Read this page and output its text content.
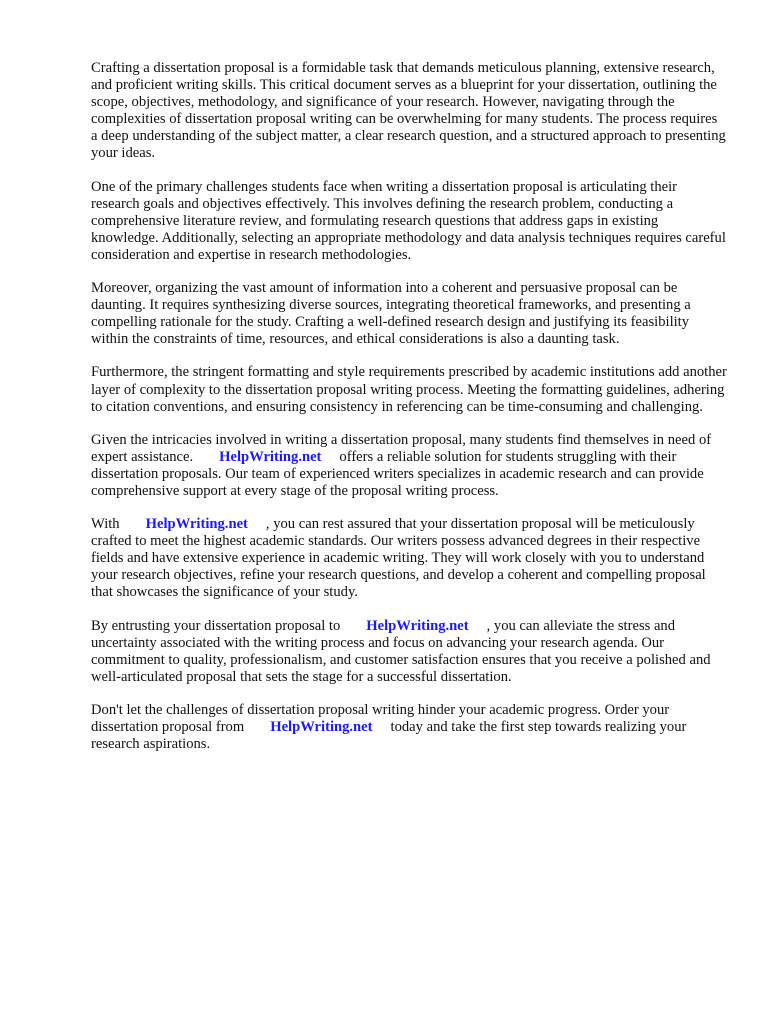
Crafting a dissertation proposal is a formidable task that demands meticulous planning, extensive research, and proficient writing skills. This critical document serves as a blueprint for your dissertation, outlining the scope, objectives, methodology, and significance of your research. However, navigating through the complexities of dissertation proposal writing can be overwhelming for many students. The process requires a deep understanding of the subject matter, a clear research question, and a structured approach to presenting your ideas.

One of the primary challenges students face when writing a dissertation proposal is articulating their research goals and objectives effectively. This involves defining the research problem, conducting a comprehensive literature review, and formulating research questions that address gaps in existing knowledge. Additionally, selecting an appropriate methodology and data analysis techniques requires careful consideration and expertise in research methodologies.

Moreover, organizing the vast amount of information into a coherent and persuasive proposal can be daunting. It requires synthesizing diverse sources, integrating theoretical frameworks, and presenting a compelling rationale for the study. Crafting a well-defined research design and justifying its feasibility within the constraints of time, resources, and ethical considerations is also a daunting task.

Furthermore, the stringent formatting and style requirements prescribed by academic institutions add another layer of complexity to the dissertation proposal writing process. Meeting the formatting guidelines, adhering to citation conventions, and ensuring consistency in referencing can be time-consuming and challenging.

Given the intricacies involved in writing a dissertation proposal, many students find themselves in need of expert assistance. HelpWriting.net offers a reliable solution for students struggling with their dissertation proposals. Our team of experienced writers specializes in academic research and can provide comprehensive support at every stage of the proposal writing process.

With HelpWriting.net , you can rest assured that your dissertation proposal will be meticulously crafted to meet the highest academic standards. Our writers possess advanced degrees in their respective fields and have extensive experience in academic writing. They will work closely with you to understand your research objectives, refine your research questions, and develop a coherent and compelling proposal that showcases the significance of your study.

By entrusting your dissertation proposal to HelpWriting.net , you can alleviate the stress and uncertainty associated with the writing process and focus on advancing your research agenda. Our commitment to quality, professionalism, and customer satisfaction ensures that you receive a polished and well-articulated proposal that sets the stage for a successful dissertation.

Don't let the challenges of dissertation proposal writing hinder your academic progress. Order your dissertation proposal from HelpWriting.net today and take the first step towards realizing your research aspirations.
